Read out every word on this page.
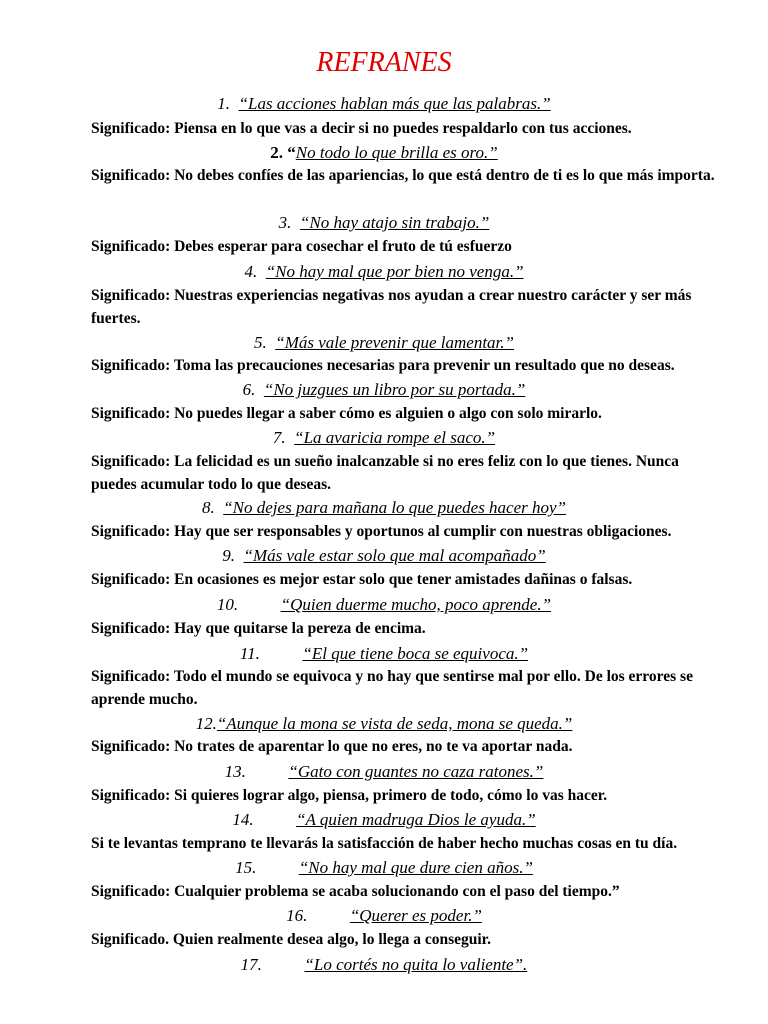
REFRANES
1.  “Las acciones hablan más que las palabras.”
Significado: Piensa en lo que vas a decir si no puedes respaldarlo con tus acciones.
2. “No todo lo que brilla es oro.”
Significado: No debes confíes de las apariencias, lo que está dentro de ti es lo que más importa.
3.  “No hay atajo sin trabajo.”
Significado: Debes esperar para cosechar el fruto de tú esfuerzo
4.  “No hay mal que por bien no venga.”
Significado: Nuestras experiencias negativas nos ayudan a crear nuestro carácter y ser más fuertes.
5.  “Más vale prevenir que lamentar.”
Significado: Toma las precauciones necesarias para prevenir un resultado que no deseas.
6.  “No juzgues un libro por su portada.”
Significado: No puedes llegar a saber cómo es alguien o algo con solo mirarlo.
7.  “La avaricia rompe el saco.”
Significado: La felicidad es un sueño inalcanzable si no eres feliz con lo que tienes. Nunca puedes acumular todo lo que deseas.
8.  “No dejes para mañana lo que puedes hacer hoy”
Significado: Hay que ser responsables y oportunos al cumplir con nuestras obligaciones.
9.  “Más vale estar solo que mal acompañado”
Significado: En ocasiones es mejor estar solo que tener amistades dañinas o falsas.
10.          “Quien duerme mucho, poco aprende.”
Significado: Hay que quitarse la pereza de encima.
11.          “El que tiene boca se equivoca.”
Significado: Todo el mundo se equivoca y no hay que sentirse mal por ello. De los errores se aprende mucho.
12.“Aunque la mona se vista de seda, mona se queda.”
Significado: No trates de aparentar lo que no eres, no te va aportar nada.
13.          “Gato con guantes no caza ratones.”
Significado: Si quieres lograr algo, piensa, primero de todo, cómo lo vas hacer.
14.          “A quien madruga Dios le ayuda.”
Si te levantas temprano te llevarás la satisfacción de haber hecho muchas cosas en tu día.
15.          “No hay mal que dure cien años.”
Significado: Cualquier problema se acaba solucionando con el paso del tiempo.”
16.          “Querer es poder.”
Significado. Quien realmente desea algo, lo llega a conseguir.
17.          “Lo cortés no quita lo valiente”.
